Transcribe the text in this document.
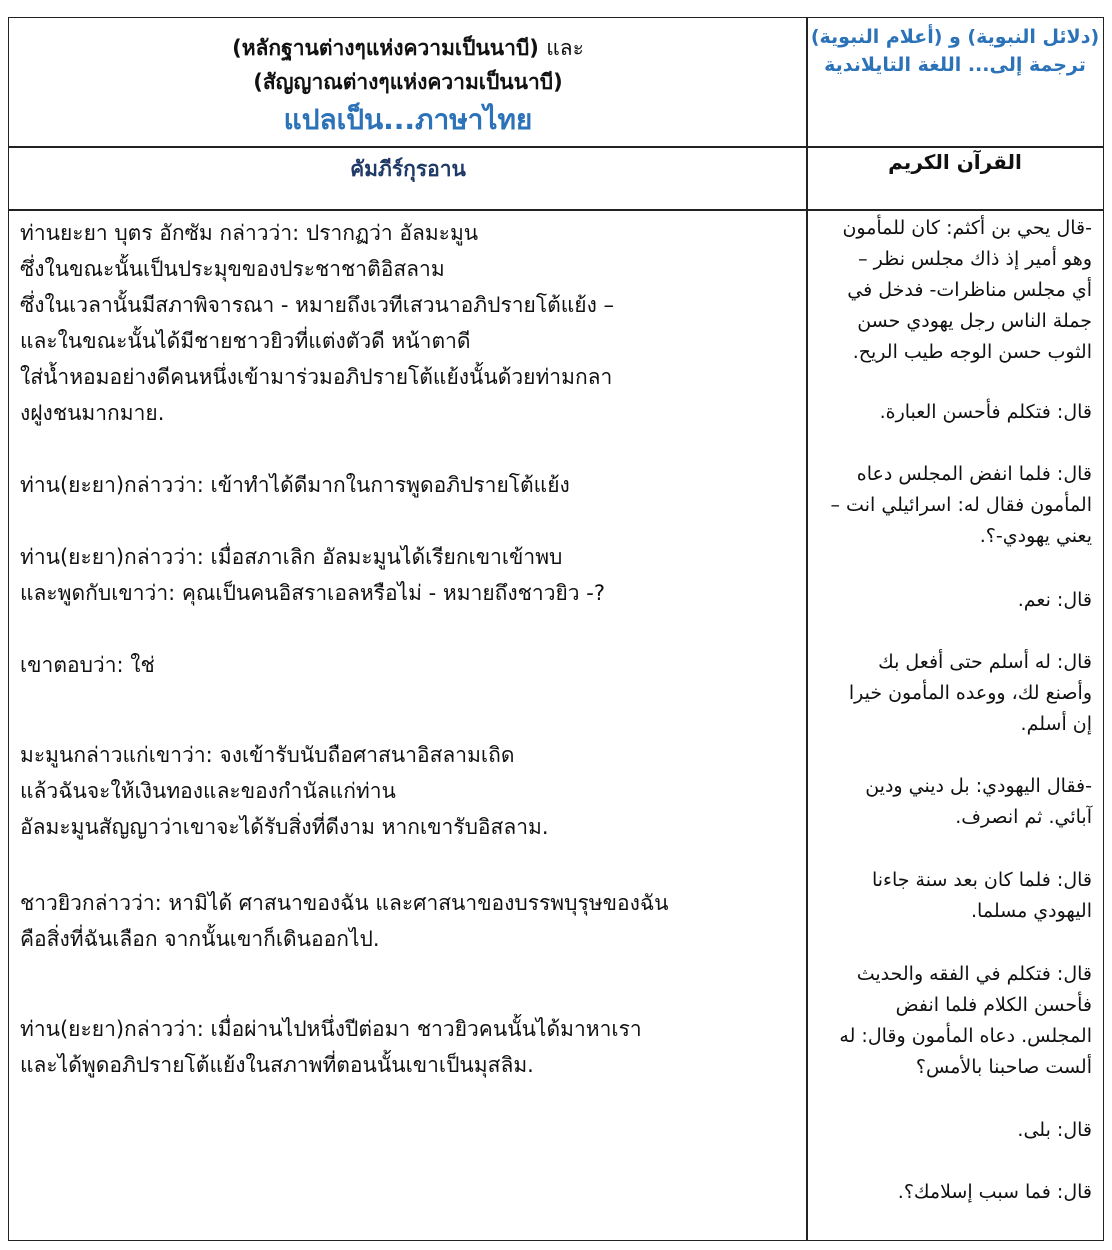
(หลักฐานต่างๆแห่งความเป็นนาบี) และ
(สัญญาณต่างๆแห่งความเป็นนาบี)
แปลเป็น...ภาษาไทย
(دلائل النبوية) و (أعلام النبوية)
ترجمة إلى... اللغة التايلاندية
คัมภีร์กุรอาน	القرآن الكريم
ท่านยะยา บุตร อักซัม กล่าวว่า: ปรากฏว่า อัลมะมูน
ซึ่งในขณะนั้นเป็นประมุขของประชาชาติอิสลาม
ซึ่งในเวลานั้นมีสภาพิจารณา - หมายถึงเวทีเสวนาอภิปรายโต้แย้ง –
และในขณะนั้นได้มีชายชาวยิวที่แต่งตัวดี หน้าตาดี
ใส่น้ำหอมอย่างดีคนหนึ่งเข้ามาร่วมอภิปรายโต้แย้งนั้นด้วยท่ามกลา
งฝูงชนมากมาย.
ท่าน(ยะยา)กล่าวว่า: เข้าทำได้ดีมากในการพูดอภิปรายโต้แย้ง
ท่าน(ยะยา)กล่าวว่า: เมื่อสภาเลิก อัลมะมูนได้เรียกเขาเข้าพบ
และพูดกับเขาว่า: คุณเป็นคนอิสราเอลหรือไม่ - หมายถึงชาวยิว -?
เขาตอบว่า: ใช่
มะมูนกล่าวแก่เขาว่า: จงเข้ารับนับถือศาสนาอิสลามเถิด
แล้วฉันจะให้เงินทองและของกำนัลแก่ท่าน
อัลมะมูนสัญญาว่าเขาจะได้รับสิ่งที่ดีงาม หากเขารับอิสลาม.
ชาวยิวกล่าวว่า: หามิได้ ศาสนาของฉัน และศาสนาของบรรพบุรุษของฉัน
คือสิ่งที่ฉันเลือก จากนั้นเขาก็เดินออกไป.
ท่าน(ยะยา)กล่าวว่า: เมื่อผ่านไปหนึ่งปีต่อมา ชาวยิวคนนั้นได้มาหาเรา
และได้พูดอภิปรายโต้แย้งในสภาพที่ตอนนั้นเขาเป็นมุสลิม.
-قال يحي بن أكثم: كان للمأمون
وهو أمير إذ ذاك مجلس نظر –
أي مجلس مناظرات- فدخل في
جملة الناس رجل يهودي حسن
الثوب حسن الوجه طيب الريح.
قال: فتكلم فأحسن العبارة.
قال: فلما انفض المجلس دعاه
المأمون فقال له: اسرائيلي انت –
يعني يهودي-؟.
قال: نعم.
قال: له أسلم حتى أفعل بك
وأصنع لك، ووعده المأمون خيرا
إن أسلم.
-فقال اليهودي: بل ديني ودين
آبائي. ثم انصرف.
قال: فلما كان بعد سنة جاءنا
اليهودي مسلما.
قال: فتكلم في الفقه والحديث
فأحسن الكلام فلما انفض
المجلس. دعاه المأمون وقال: له
ألست صاحبنا بالأمس؟
قال: بلى.
قال: فما سبب إسلامك؟.
